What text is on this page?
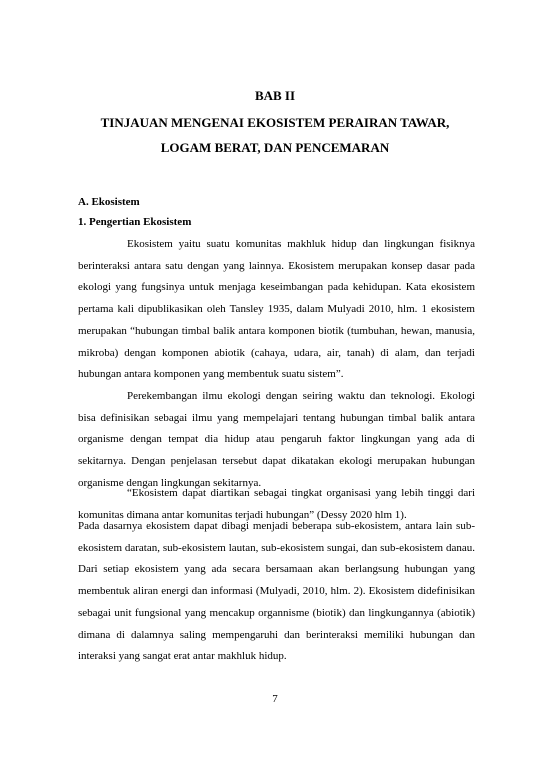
BAB II
TINJAUAN MENGENAI EKOSISTEM PERAIRAN TAWAR,
LOGAM BERAT, DAN PENCEMARAN
A. Ekosistem
1. Pengertian Ekosistem
Ekosistem yaitu suatu komunitas makhluk hidup dan lingkungan fisiknya berinteraksi antara satu dengan yang lainnya. Ekosistem merupakan konsep dasar pada ekologi yang fungsinya untuk menjaga keseimbangan pada kehidupan. Kata ekosistem pertama kali dipublikasikan oleh Tansley 1935, dalam Mulyadi 2010, hlm. 1 ekosistem merupakan “hubungan timbal balik antara komponen biotik (tumbuhan, hewan, manusia, mikroba) dengan komponen abiotik (cahaya, udara, air, tanah) di alam, dan terjadi hubungan antara komponen yang membentuk suatu sistem”.
Perekembangan ilmu ekologi dengan seiring waktu dan teknologi. Ekologi bisa definisikan sebagai ilmu yang mempelajari tentang hubungan timbal balik antara organisme dengan tempat dia hidup atau pengaruh faktor lingkungan yang ada di sekitarnya. Dengan penjelasan tersebut dapat dikatakan ekologi merupakan hubungan organisme dengan lingkungan sekitarnya.
“Ekosistem dapat diartikan sebagai tingkat organisasi yang lebih tinggi dari komunitas dimana antar komunitas terjadi hubungan” (Dessy 2020 hlm 1).
Pada dasarnya ekosistem dapat dibagi menjadi beberapa sub-ekosistem, antara lain sub-ekosistem daratan, sub-ekosistem lautan, sub-ekosistem sungai, dan sub-ekosistem danau. Dari setiap ekosistem yang ada secara bersamaan akan berlangsung hubungan yang membentuk aliran energi dan informasi (Mulyadi, 2010, hlm. 2). Ekosistem didefinisikan sebagai unit fungsional yang mencakup organnisme (biotik) dan lingkungannya (abiotik) dimana di dalamnya saling mempengaruhi dan berinteraksi memiliki hubungan dan interaksi yang sangat erat antar makhluk hidup.
7
